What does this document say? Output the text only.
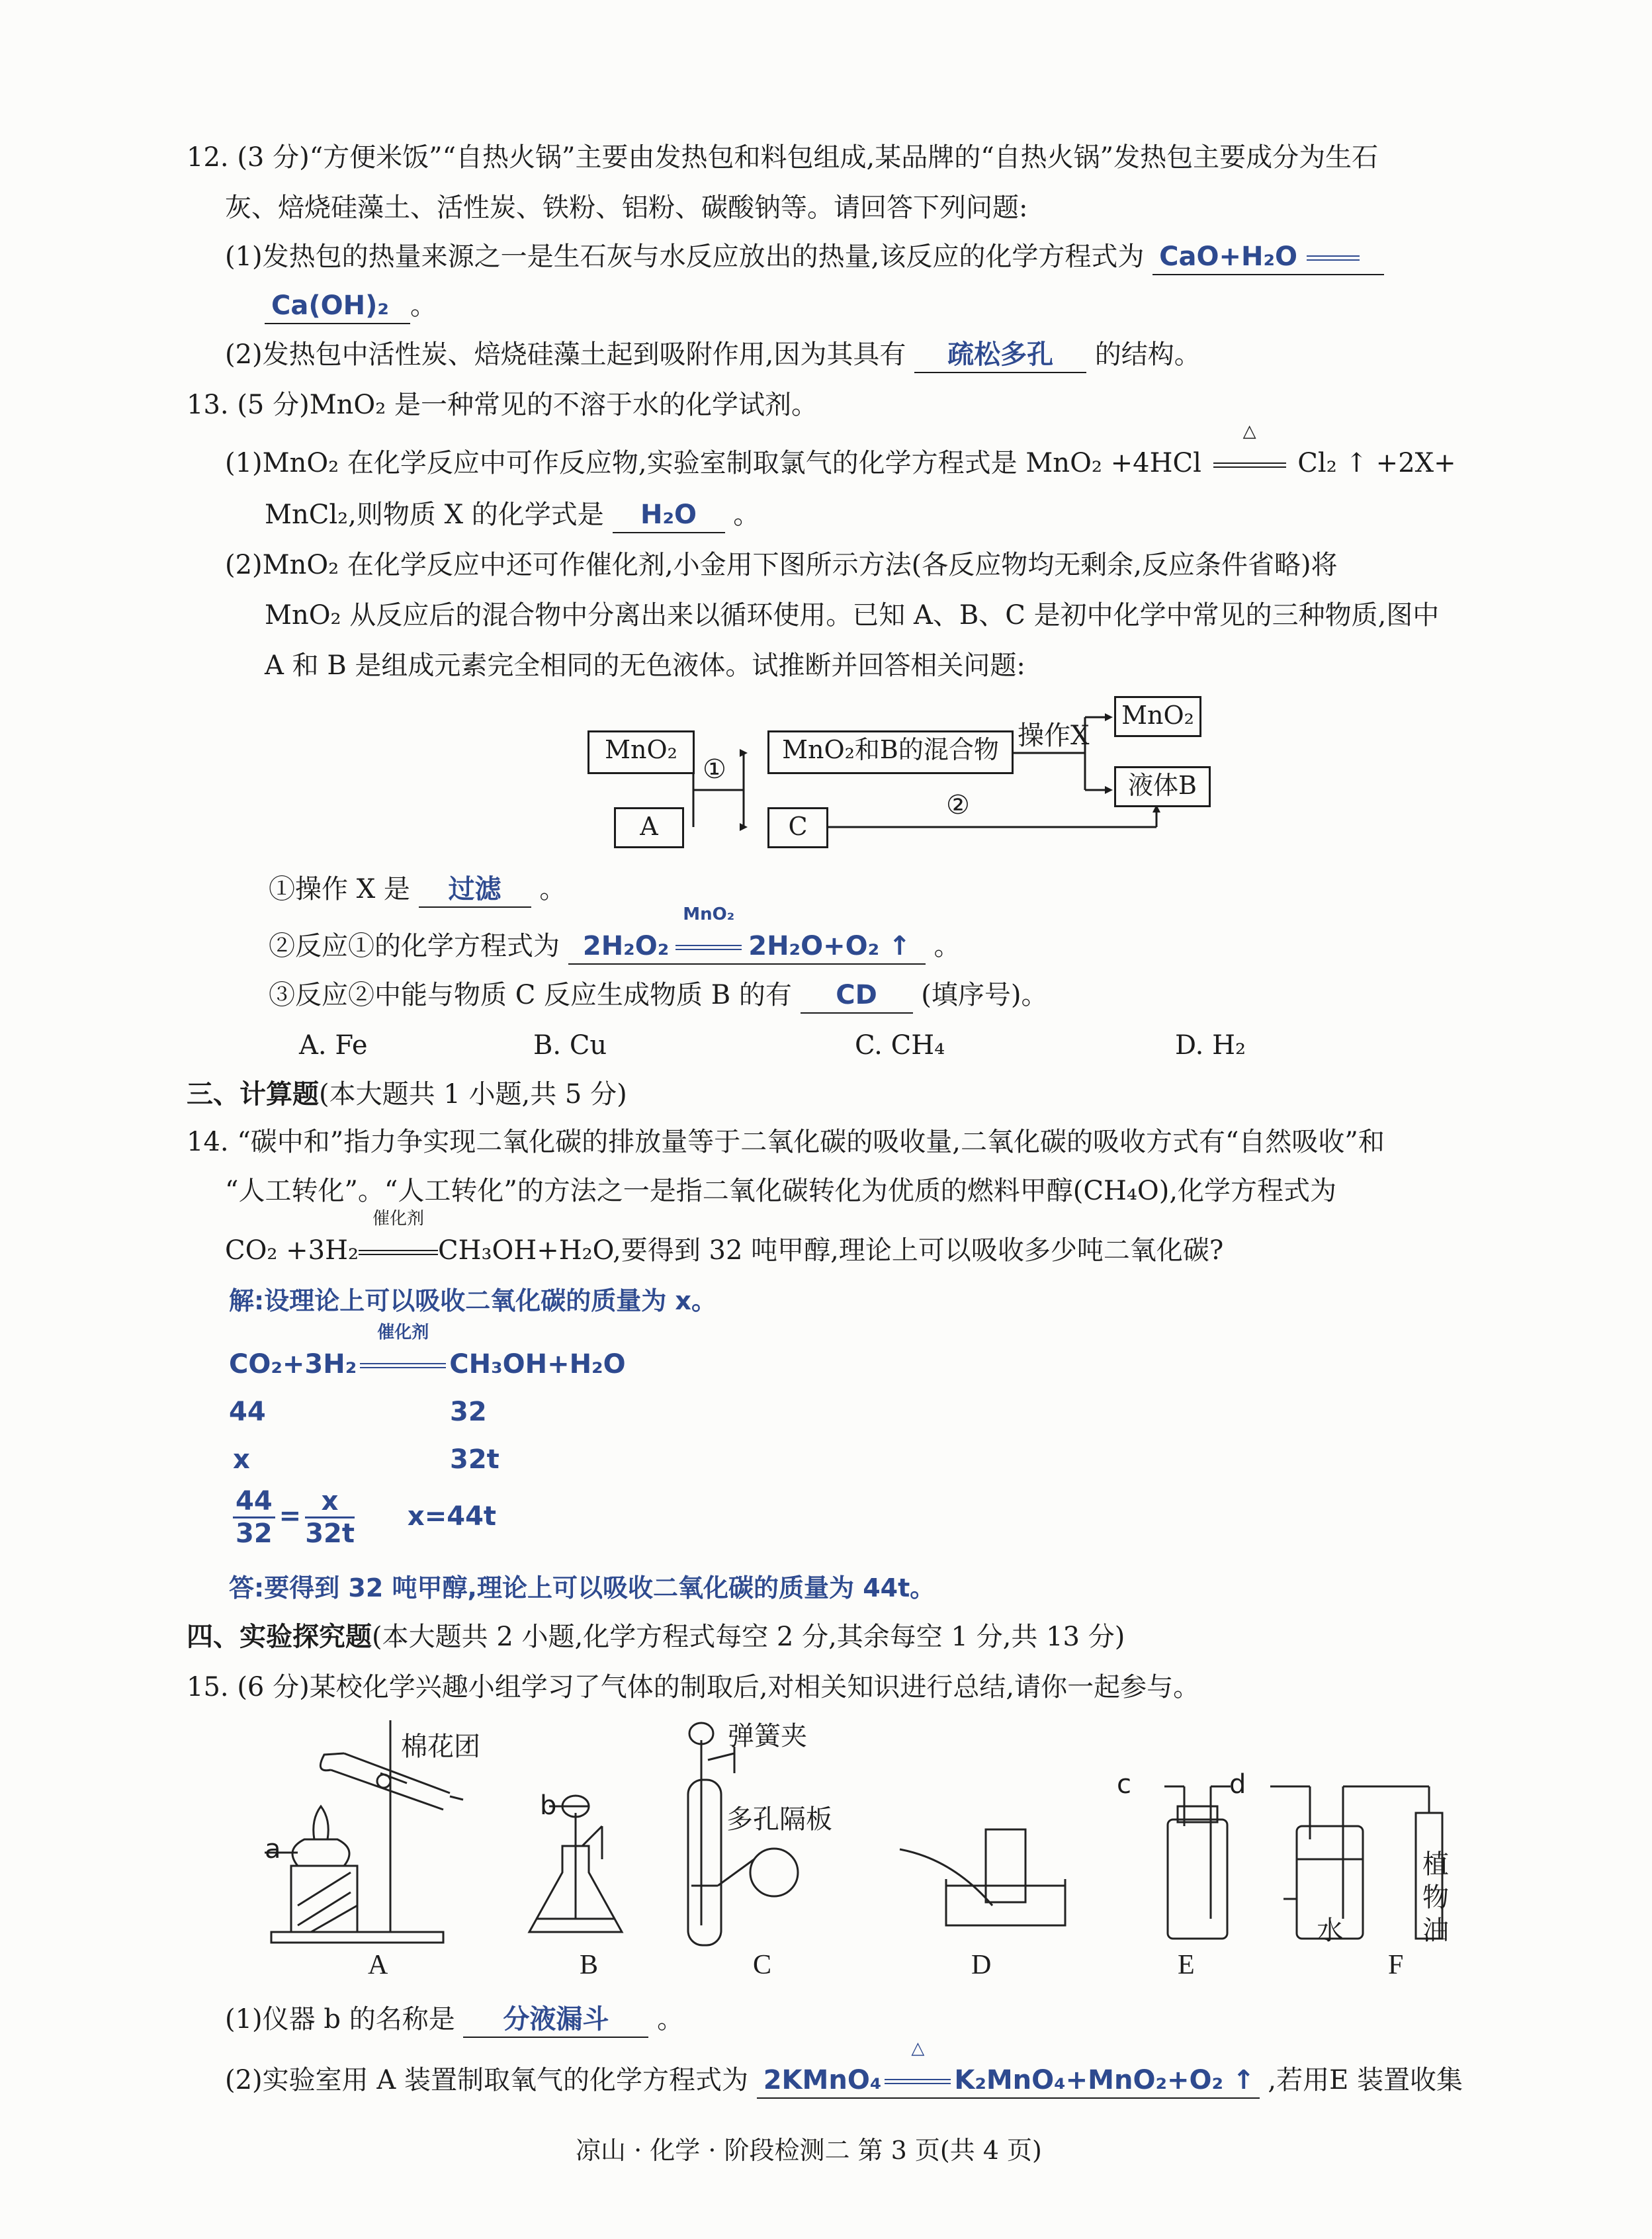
12. (3 分)“方便米饭”“自热火锅”主要由发热包和料包组成,某品牌的“自热火锅”发热包主要成分为生石
灰、焙烧硅藻土、活性炭、铁粉、铝粉、碳酸钠等。请回答下列问题:
(1)发热包的热量来源之一是生石灰与水反应放出的热量,该反应的化学方程式为 CaO+H₂O
Ca(OH)₂ 。
(2)发热包中活性炭、焙烧硅藻土起到吸附作用,因为其具有 疏松多孔 的结构。
13. (5 分)MnO₂ 是一种常见的不溶于水的化学试剂。
(1)MnO₂ 在化学反应中可作反应物,实验室制取氯气的化学方程式是 MnO₂ +4HCl
△
Cl₂ ↑ +2X+
MnCl₂,则物质 X 的化学式是 H₂O 。
(2)MnO₂ 在化学反应中还可作催化剂,小金用下图所示方法(各反应物均无剩余,反应条件省略)将
MnO₂ 从反应后的混合物中分离出来以循环使用。已知 A、B、C 是初中化学中常见的三种物质,图中
A 和 B 是组成元素完全相同的无色液体。试推断并回答相关问题:
MnO₂
A
①
MnO₂和B的混合物
C
②
操作X
MnO₂
液体B
①操作 X 是 过滤 。
②反应①的化学方程式为 2H₂O₂
MnO₂
2H₂O+O₂ ↑ 。
③反应②中能与物质 C 反应生成物质 B 的有 CD (填序号)。
A. Fe	B. Cu	C. CH₄	D. H₂
三、计算题(本大题共 1 小题,共 5 分)
14. “碳中和”指力争实现二氧化碳的排放量等于二氧化碳的吸收量,二氧化碳的吸收方式有“自然吸收”和
“人工转化”。“人工转化”的方法之一是指二氧化碳转化为优质的燃料甲醇(CH₄O),化学方程式为
CO₂ +3H₂
催化剂
CH₃OH+H₂O,要得到 32 吨甲醇,理论上可以吸收多少吨二氧化碳?
解:设理论上可以吸收二氧化碳的质量为 x。
CO₂+3H₂
催化剂
CH₃OH+H₂O
44	32
x	32t
$\frac{44}{32} = \frac{x}{32t} x=44t$
答:要得到 32 吨甲醇,理论上可以吸收二氧化碳的质量为 44t。
四、实验探究题(本大题共 2 小题,化学方程式每空 2 分,其余每空 1 分,共 13 分)
15. (6 分)某校化学兴趣小组学习了气体的制取后,对相关知识进行总结,请你一起参与。
棉花团
a
b
弹簧夹
多孔隔板
c	d
植
物
油
水
A	B	C	D	E	F
(1)仪器 b 的名称是 分液漏斗 。
(2)实验室用 A 装置制取氧气的化学方程式为 2KMnO₄
△
K₂MnO₄+MnO₂+O₂ ↑ ,若用E 装置收集
凉山 · 化学 · 阶段检测二 第 3 页(共 4 页)
